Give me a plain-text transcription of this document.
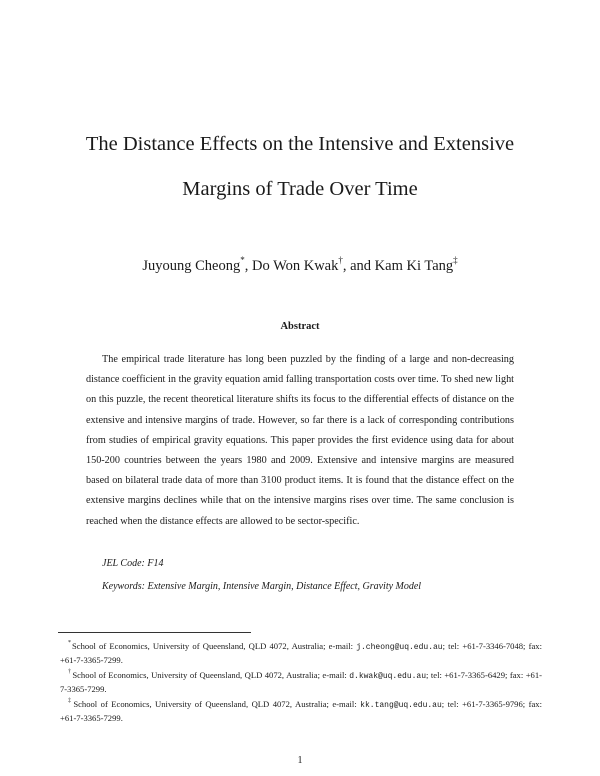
The Distance Effects on the Intensive and Extensive
Margins of Trade Over Time
Juyoung Cheong*, Do Won Kwak†, and Kam Ki Tang‡
Abstract

The empirical trade literature has long been puzzled by the finding of a large and non-decreasing distance coefficient in the gravity equation amid falling transportation costs over time. To shed new light on this puzzle, the recent theoretical literature shifts its focus to the differential effects of distance on the extensive and intensive margins of trade. However, so far there is a lack of corresponding contributions from studies of empirical gravity equations. This paper provides the first evidence using data for about 150-200 countries between the years 1980 and 2009. Extensive and intensive margins are measured based on bilateral trade data of more than 3100 product items. It is found that the distance effect on the extensive margins declines while that on the intensive margins rises over time. The same conclusion is reached when the distance effects are allowed to be sector-specific.

JEL Code: F14
Keywords: Extensive Margin, Intensive Margin, Distance Effect, Gravity Model

*School of Economics, University of Queensland, QLD 4072, Australia; e-mail: j.cheong@uq.edu.au; tel: +61-7-3346-7048; fax: +61-7-3365-7299.

†School of Economics, University of Queensland, QLD 4072, Australia; e-mail: d.kwak@uq.edu.au; tel: +61-7-3365-6429; fax: +61-7-3365-7299.

‡School of Economics, University of Queensland, QLD 4072, Australia; e-mail: kk.tang@uq.edu.au; tel: +61-7-3365-9796; fax: +61-7-3365-7299.

1
